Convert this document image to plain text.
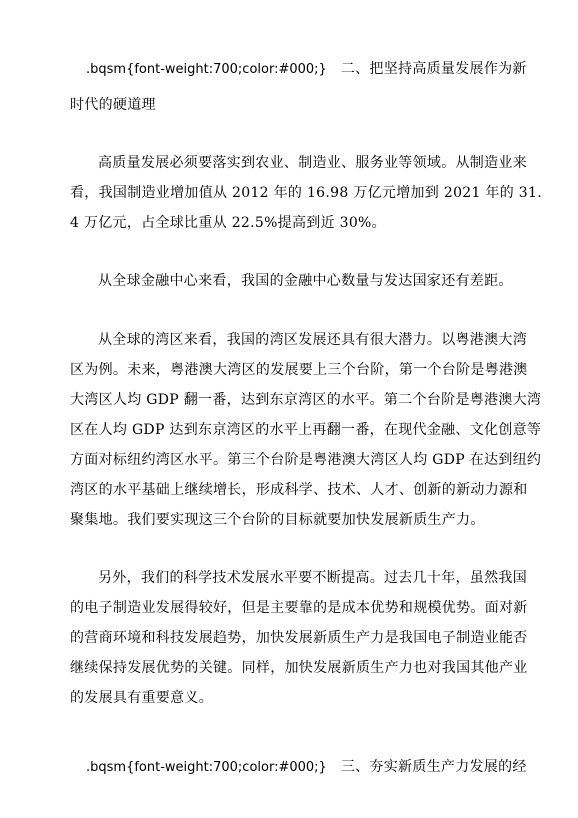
.bqsm{font-weight:700;color:#000;} 二、把坚持高质量发展作为新
时代的硬道理
高质量发展必须要落实到农业、制造业、服务业等领域。从制造业来
看，我国制造业增加值从 2012 年的 16.98 万亿元增加到 2021 年的 31.
4 万亿元，占全球比重从 22.5%提高到近 30%。
从全球金融中心来看，我国的金融中心数量与发达国家还有差距。
从全球的湾区来看，我国的湾区发展还具有很大潜力。以粤港澳大湾
区为例。未来，粤港澳大湾区的发展要上三个台阶，第一个台阶是粤港澳
大湾区人均 GDP 翻一番，达到东京湾区的水平。第二个台阶是粤港澳大湾
区在人均 GDP 达到东京湾区的水平上再翻一番，在现代金融、文化创意等
方面对标纽约湾区水平。第三个台阶是粤港澳大湾区人均 GDP 在达到纽约
湾区的水平基础上继续增长，形成科学、技术、人才、创新的新动力源和
聚集地。我们要实现这三个台阶的目标就要加快发展新质生产力。
另外，我们的科学技术发展水平要不断提高。过去几十年，虽然我国
的电子制造业发展得较好，但是主要靠的是成本优势和规模优势。面对新
的营商环境和科技发展趋势，加快发展新质生产力是我国电子制造业能否
继续保持发展优势的关键。同样，加快发展新质生产力也对我国其他产业
的发展具有重要意义。
.bqsm{font-weight:700;color:#000;} 三、夯实新质生产力发展的经
